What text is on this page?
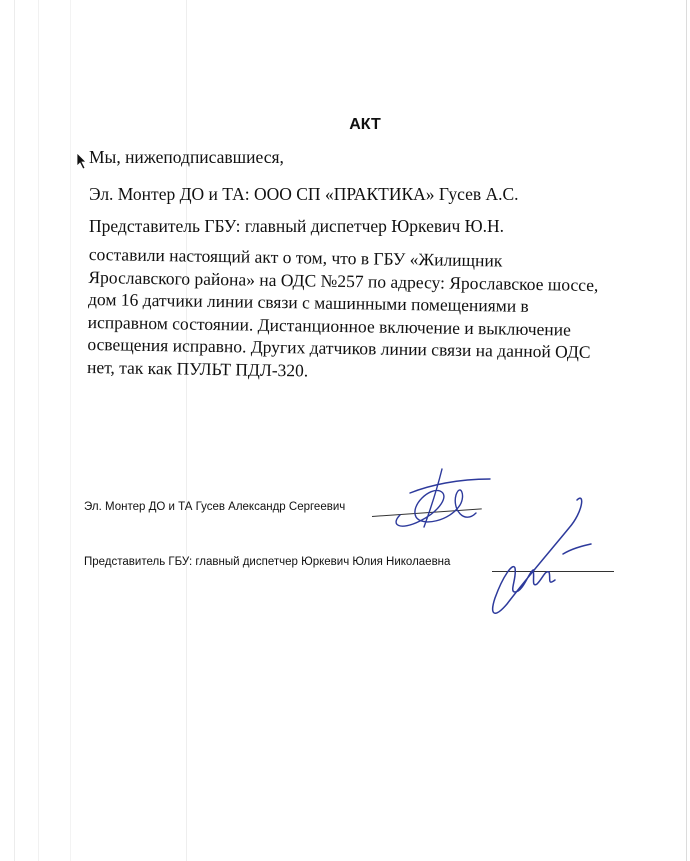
АКТ
Мы, нижеподписавшиеся,
Эл. Монтер ДО и ТА: ООО СП «ПРАКТИКА» Гусев А.С.
Представитель ГБУ: главный диспетчер Юркевич Ю.Н.
составили настоящий акт о том, что в ГБУ «Жилищник
Ярославского района» на ОДС №257 по адресу: Ярославское шоссе,
дом 16 датчики линии связи с машинными помещениями в
исправном состоянии. Дистанционное включение и выключение
освещения исправно. Других датчиков линии связи на данной ОДС
нет, так как ПУЛЬТ ПДЛ-320.
Эл. Монтер ДО и ТА Гусев Александр Сергеевич
Представитель ГБУ: главный диспетчер Юркевич Юлия Николаевна
